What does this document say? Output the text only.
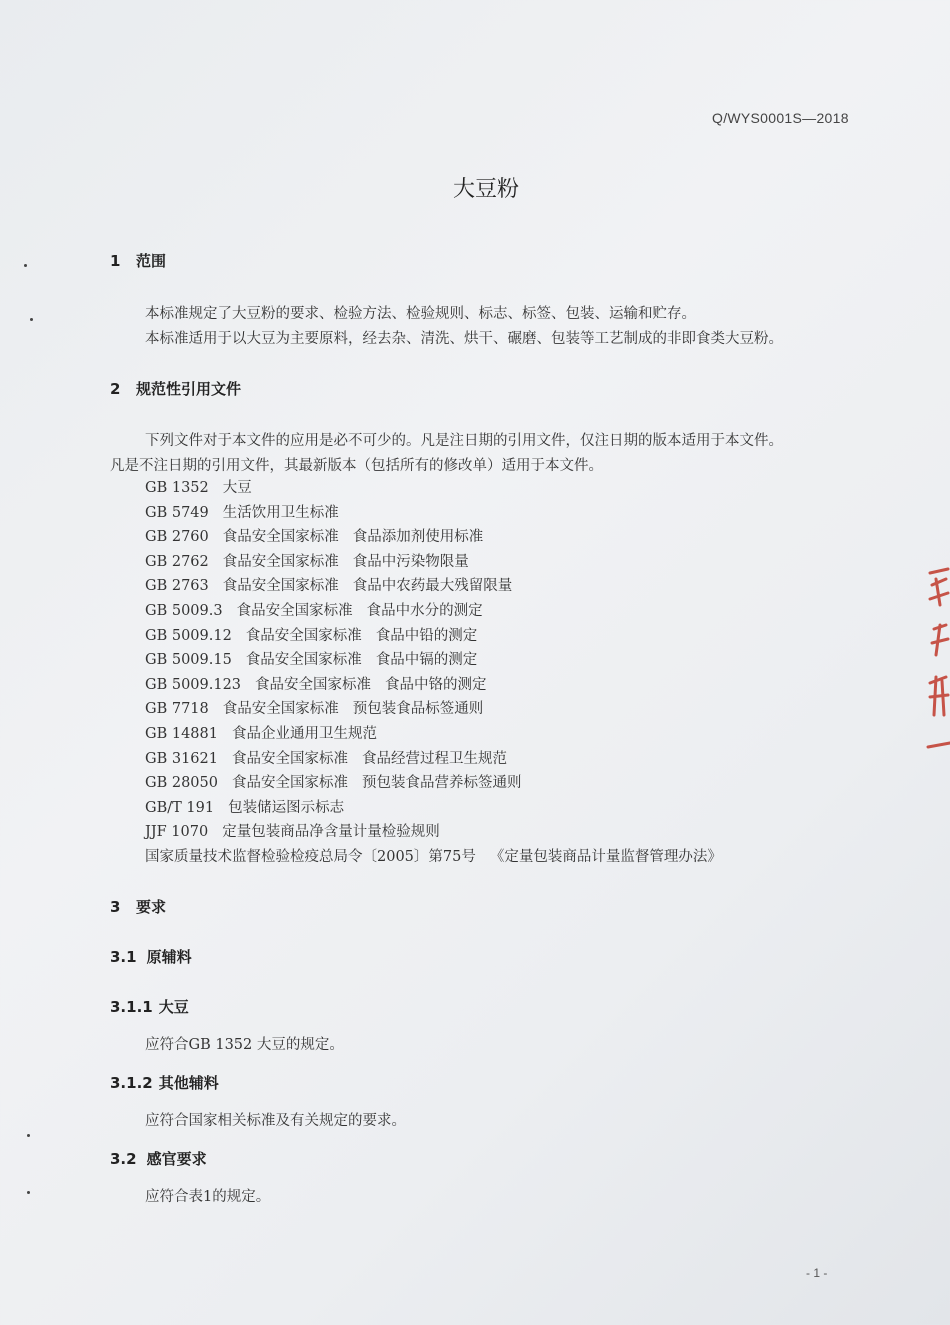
Q/WYS0001S—2018
大豆粉
1 范围
本标准规定了大豆粉的要求、检验方法、检验规则、标志、标签、包装、运输和贮存。
本标准适用于以大豆为主要原料，经去杂、清洗、烘干、碾磨、包装等工艺制成的非即食类大豆粉。
2 规范性引用文件
下列文件对于本文件的应用是必不可少的。凡是注日期的引用文件，仅注日期的版本适用于本文件。
凡是不注日期的引用文件，其最新版本（包括所有的修改单）适用于本文件。
GB 1352 大豆
GB 5749 生活饮用卫生标准
GB 2760 食品安全国家标准 食品添加剂使用标准
GB 2762 食品安全国家标准 食品中污染物限量
GB 2763 食品安全国家标准 食品中农药最大残留限量
GB 5009.3 食品安全国家标准 食品中水分的测定
GB 5009.12 食品安全国家标准 食品中铅的测定
GB 5009.15 食品安全国家标准 食品中镉的测定
GB 5009.123 食品安全国家标准 食品中铬的测定
GB 7718 食品安全国家标准 预包装食品标签通则
GB 14881 食品企业通用卫生规范
GB 31621 食品安全国家标准 食品经营过程卫生规范
GB 28050 食品安全国家标准 预包装食品营养标签通则
GB/T 191 包装储运图示标志
JJF 1070 定量包装商品净含量计量检验规则
国家质量技术监督检验检疫总局令〔2005〕第75号 《定量包装商品计量监督管理办法》
3 要求
3.1 原辅料
3.1.1 大豆
应符合GB 1352 大豆的规定。
3.1.2 其他辅料
应符合国家相关标准及有关规定的要求。
3.2 感官要求
应符合表1的规定。
- 1 -
